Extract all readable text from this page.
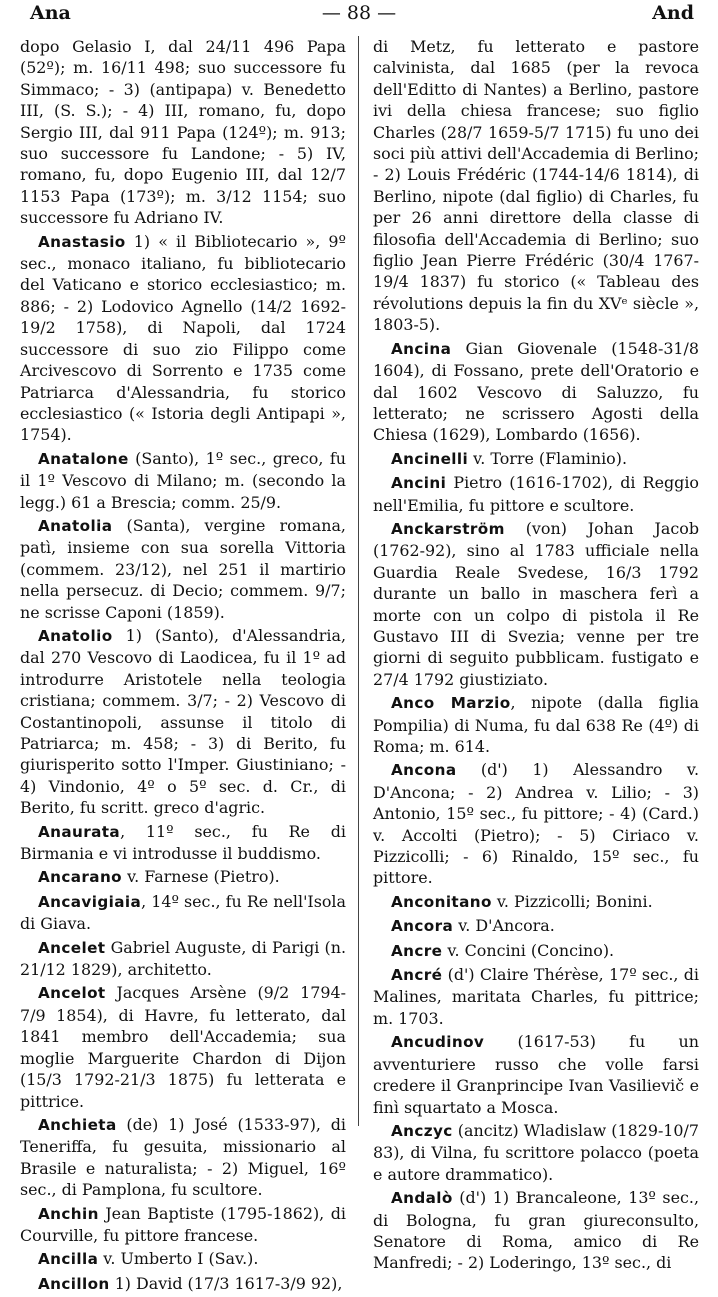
Ana	— 88 —	And

dopo Gelasio I, dal 24/11 496 Papa (52º); m. 16/11 498; suo successore fu Simmaco; - 3) (antipapa) v. Benedetto III, (S. S.); - 4) III, romano, fu, dopo Sergio III, dal 911 Papa (124º); m. 913; suo successore fu Landone; - 5) IV, romano, fu, dopo Eugenio III, dal 12/7 1153 Papa (173º); m. 3/12 1154; suo successore fu Adriano IV.

Anastasio 1) « il Bibliotecario », 9º sec., monaco italiano, fu bibliotecario del Vaticano e storico ecclesiastico; m. 886; - 2) Lodovico Agnello (14/2 1692-19/2 1758), di Napoli, dal 1724 successore di suo zio Filippo come Arcivescovo di Sorrento e 1735 come Patriarca d'Alessandria, fu storico ecclesiastico (« Istoria degli Antipapi », 1754).

Anatalone (Santo), 1º sec., greco, fu il 1º Vescovo di Milano; m. (secondo la legg.) 61 a Brescia; comm. 25/9.

Anatolia (Santa), vergine romana, patì, insieme con sua sorella Vittoria (commem. 23/12), nel 251 il martirio nella persecuz. di Decio; commem. 9/7; ne scrisse Caponi (1859).

Anatolio 1) (Santo), d'Alessandria, dal 270 Vescovo di Laodicea, fu il 1º ad introdurre Aristotele nella teologia cristiana; commem. 3/7; - 2) Vescovo di Costantinopoli, assunse il titolo di Patriarca; m. 458; - 3) di Berito, fu giurisperito sotto l'Imper. Giustiniano; - 4) Vindonio, 4º o 5º sec. d. Cr., di Berito, fu scritt. greco d'agric.

Anaurata, 11º sec., fu Re di Birmania e vi introdusse il buddismo.

Ancarano v. Farnese (Pietro).

Ancavigiaia, 14º sec., fu Re nell'Isola di Giava.

Ancelet Gabriel Auguste, di Parigi (n. 21/12 1829), architetto.

Ancelot Jacques Arsène (9/2 1794-7/9 1854), di Havre, fu letterato, dal 1841 membro dell'Accademia; sua moglie Marguerite Chardon di Dijon (15/3 1792-21/3 1875) fu letterata e pittrice.

Anchieta (de) 1) José (1533-97), di Teneriffa, fu gesuita, missionario al Brasile e naturalista; - 2) Miguel, 16º sec., di Pamplona, fu scultore.

Anchin Jean Baptiste (1795-1862), di Courville, fu pittore francese.

Ancilla v. Umberto I (Sav.).

Ancillon 1) David (17/3 1617-3/9 92),

di Metz, fu letterato e pastore calvinista, dal 1685 (per la revoca dell'Editto di Nantes) a Berlino, pastore ivi della chiesa francese; suo figlio Charles (28/7 1659-5/7 1715) fu uno dei soci più attivi dell'Accademia di Berlino; - 2) Louis Frédéric (1744-14/6 1814), di Berlino, nipote (dal figlio) di Charles, fu per 26 anni direttore della classe di filosofia dell'Accademia di Berlino; suo figlio Jean Pierre Frédéric (30/4 1767-19/4 1837) fu storico (« Tableau des révolutions depuis la fin du XVᵉ siècle », 1803-5).

Ancina Gian Giovenale (1548-31/8 1604), di Fossano, prete dell'Oratorio e dal 1602 Vescovo di Saluzzo, fu letterato; ne scrissero Agosti della Chiesa (1629), Lombardo (1656).

Ancinelli v. Torre (Flaminio).

Ancini Pietro (1616-1702), di Reggio nell'Emilia, fu pittore e scultore.

Anckarström (von) Johan Jacob (1762-92), sino al 1783 ufficiale nella Guardia Reale Svedese, 16/3 1792 durante un ballo in maschera ferì a morte con un colpo di pistola il Re Gustavo III di Svezia; venne per tre giorni di seguito pubblicam. fustigato e 27/4 1792 giustiziato.

Anco Marzio, nipote (dalla figlia Pompilia) di Numa, fu dal 638 Re (4º) di Roma; m. 614.

Ancona (d') 1) Alessandro v. D'Ancona; - 2) Andrea v. Lilio; - 3) Antonio, 15º sec., fu pittore; - 4) (Card.) v. Accolti (Pietro); - 5) Ciriaco v. Pizzicolli; - 6) Rinaldo, 15º sec., fu pittore.

Anconitano v. Pizzicolli; Bonini.

Ancora v. D'Ancora.

Ancre v. Concini (Concino).

Ancré (d') Claire Thérèse, 17º sec., di Malines, maritata Charles, fu pittrice; m. 1703.

Ancudinov (1617-53) fu un avventuriere russo che volle farsi credere il Granprincipe Ivan Vasilievič e finì squartato a Mosca.

Anczyc (ancitz) Wladislaw (1829-10/7 83), di Vilna, fu scrittore polacco (poeta e autore drammatico).

Andalò (d') 1) Brancaleone, 13º sec., di Bologna, fu gran giureconsulto, Senatore di Roma, amico di Re Manfredi; - 2) Loderingo, 13º sec., di
